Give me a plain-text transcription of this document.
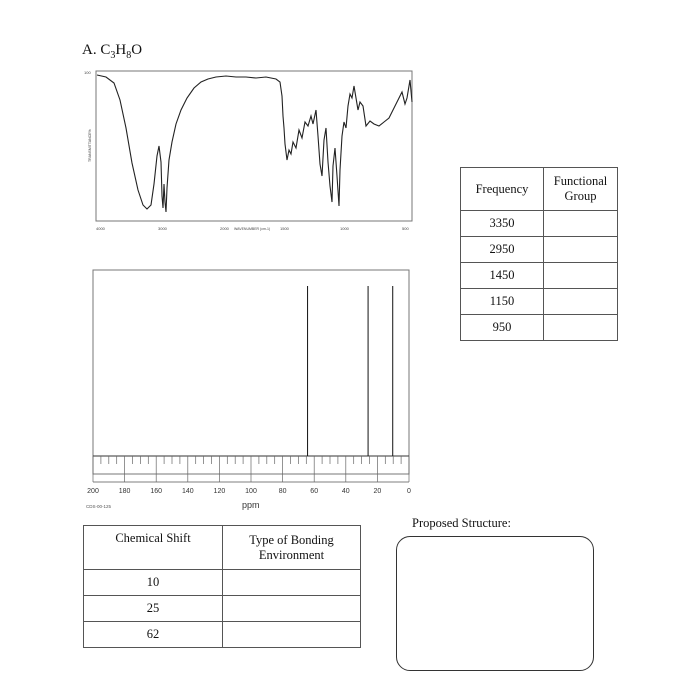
A. $C_3H_8O$
100
TRANSMITTANCE%
4000	3000	2000	1500	1000	500
WAVENUMBER (cm-1)
Frequency	Functional Group
3350	
2950	
1450	
1150	
950	
200	180	160	140	120	100	80	60	40	20	0
CDS-00-125	ppm
Chemical Shift	Type of Bonding Environment
10	
25	
62	
Proposed Structure:
